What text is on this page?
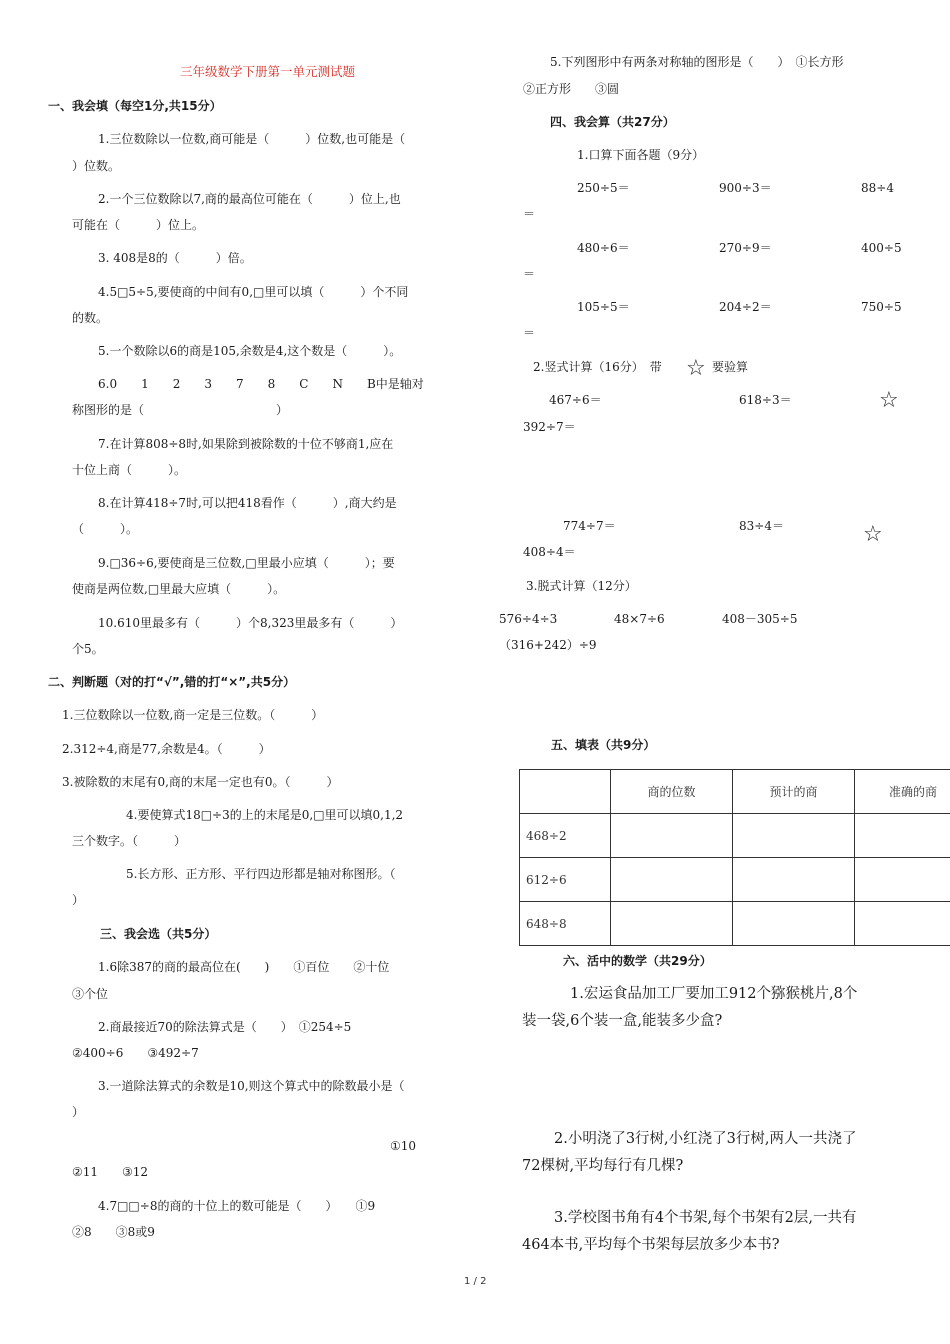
三年级数学下册第一单元测试题
一、我会填（每空1分,共15分）
1.三位数除以一位数,商可能是（　　　）位数,也可能是（
）位数。
2.一个三位数除以7,商的最高位可能在（　　　）位上,也
可能在（　　　）位上。
3. 408是8的（　　　）倍。
4.5□5÷5,要使商的中间有0,□里可以填（　　　）个不同
的数。
5.一个数除以6的商是105,余数是4,这个数是（　　　）。
6.0　　1　　2　　3　　7　　8　　C　　N　　B中是轴对
称图形的是（　　　　　　　　　　　）
7.在计算808÷8时,如果除到被除数的十位不够商1,应在
十位上商（　　　）。
8.在计算418÷7时,可以把418看作（　　　）,商大约是
（　　　）。
9.□36÷6,要使商是三位数,□里最小应填（　　　）；要
使商是两位数,□里最大应填（　　　）。
10.610里最多有（　　　）个8,323里最多有（　　　）
个5。
二、判断题（对的打“√”,错的打“×”,共5分）
1.三位数除以一位数,商一定是三位数。（　　　）
2.312÷4,商是77,余数是4。（　　　）
3.被除数的末尾有0,商的末尾一定也有0。（　　　）
4.要使算式18□÷3的上的末尾是0,□里可以填0,1,2
三个数字。（　　　）
5.长方形、正方形、平行四边形都是轴对称图形。（
）
三、我会选（共5分）
1.6除387的商的最高位在(　　)　　①百位　　②十位
③个位
2.商最接近70的除法算式是（　　）　①254÷5
②400÷6　　③492÷7
3.一道除法算式的余数是10,则这个算式中的除数最小是（
）
①10
②11　　③12
4.7□□÷8的商的十位上的数可能是（　　）　　①9
②8　　③8或9
5.下列图形中有两条对称轴的图形是（　　）　①长方形
②正方形　　③圆
四、我会算（共27分）
1.口算下面各题（9分）
250÷5＝	900÷3＝	88÷4
＝
480÷6＝	270÷9＝	400÷5
＝
105÷5＝	204÷2＝	750÷5
＝
2.竖式计算（16分）　带 ☆ 要验算
467÷6＝	618÷3＝	☆
392÷7＝
774÷7＝	83÷4＝	☆
408÷4＝
3.脱式计算（12分）
576÷4÷3	48×7÷6	408－305÷5
（316+242）÷9
五、填表（共9分）
	商的位数	预计的商	准确的商
468÷2			
612÷6			
648÷8			
六、活中的数学（共29分）
1.宏运食品加工厂要加工912个猕猴桃片,8个
装一袋,6个装一盒,能装多少盒?
2.小明浇了3行树,小红浇了3行树,两人一共浇了
72棵树,平均每行有几棵?
3.学校图书角有4个书架,每个书架有2层,一共有
464本书,平均每个书架每层放多少本书?
1 / 2
